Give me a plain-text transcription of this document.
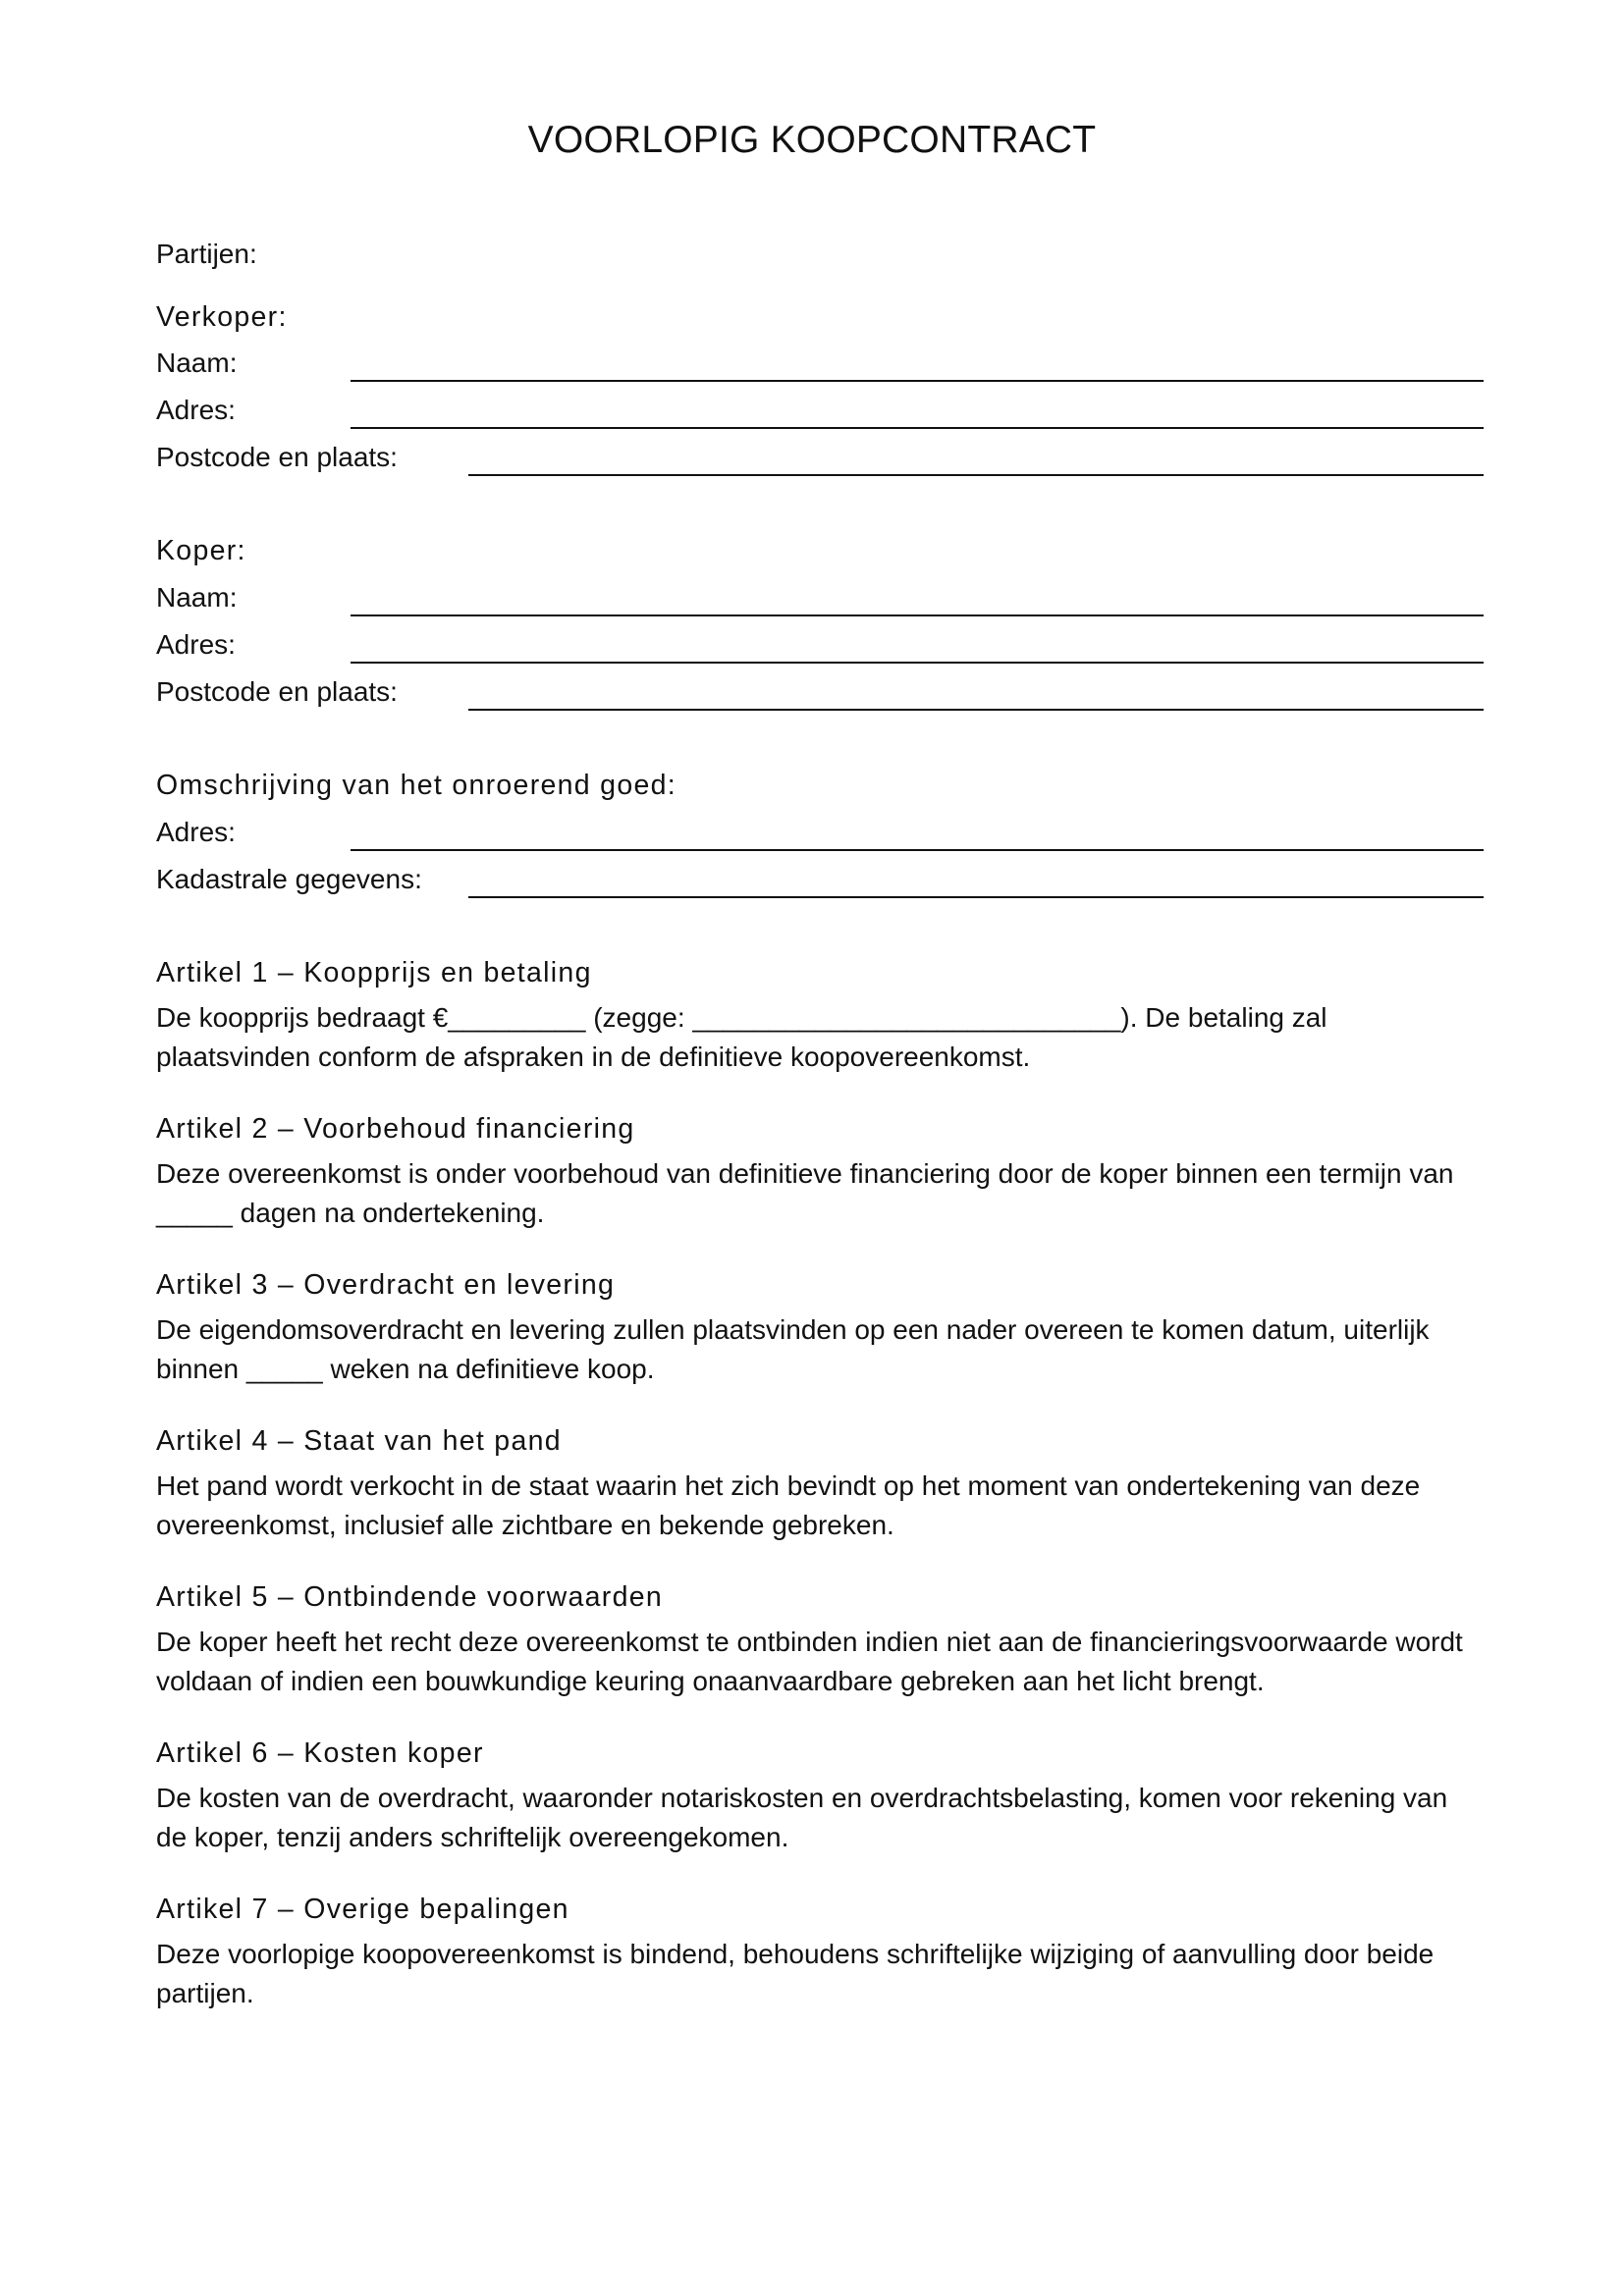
VOORLOPIG KOOPCONTRACT
Partijen:
Verkoper:
Naam:
Adres:
Postcode en plaats:
Koper:
Naam:
Adres:
Postcode en plaats:
Omschrijving van het onroerend goed:
Adres:
Kadastrale gegevens:
Artikel 1 – Koopprijs en betaling

De koopprijs bedraagt €_________ (zegge: ____________________________). De betaling zal
plaatsvinden conform de afspraken in de definitieve koopovereenkomst.

Artikel 2 – Voorbehoud financiering

Deze overeenkomst is onder voorbehoud van definitieve financiering door de koper binnen een termijn van
_____ dagen na ondertekening.

Artikel 3 – Overdracht en levering

De eigendomsoverdracht en levering zullen plaatsvinden op een nader overeen te komen datum, uiterlijk
binnen _____ weken na definitieve koop.

Artikel 4 – Staat van het pand

Het pand wordt verkocht in de staat waarin het zich bevindt op het moment van ondertekening van deze
overeenkomst, inclusief alle zichtbare en bekende gebreken.

Artikel 5 – Ontbindende voorwaarden

De koper heeft het recht deze overeenkomst te ontbinden indien niet aan de financieringsvoorwaarde wordt
voldaan of indien een bouwkundige keuring onaanvaardbare gebreken aan het licht brengt.

Artikel 6 – Kosten koper

De kosten van de overdracht, waaronder notariskosten en overdrachtsbelasting, komen voor rekening van
de koper, tenzij anders schriftelijk overeengekomen.

Artikel 7 – Overige bepalingen

Deze voorlopige koopovereenkomst is bindend, behoudens schriftelijke wijziging of aanvulling door beide
partijen.
